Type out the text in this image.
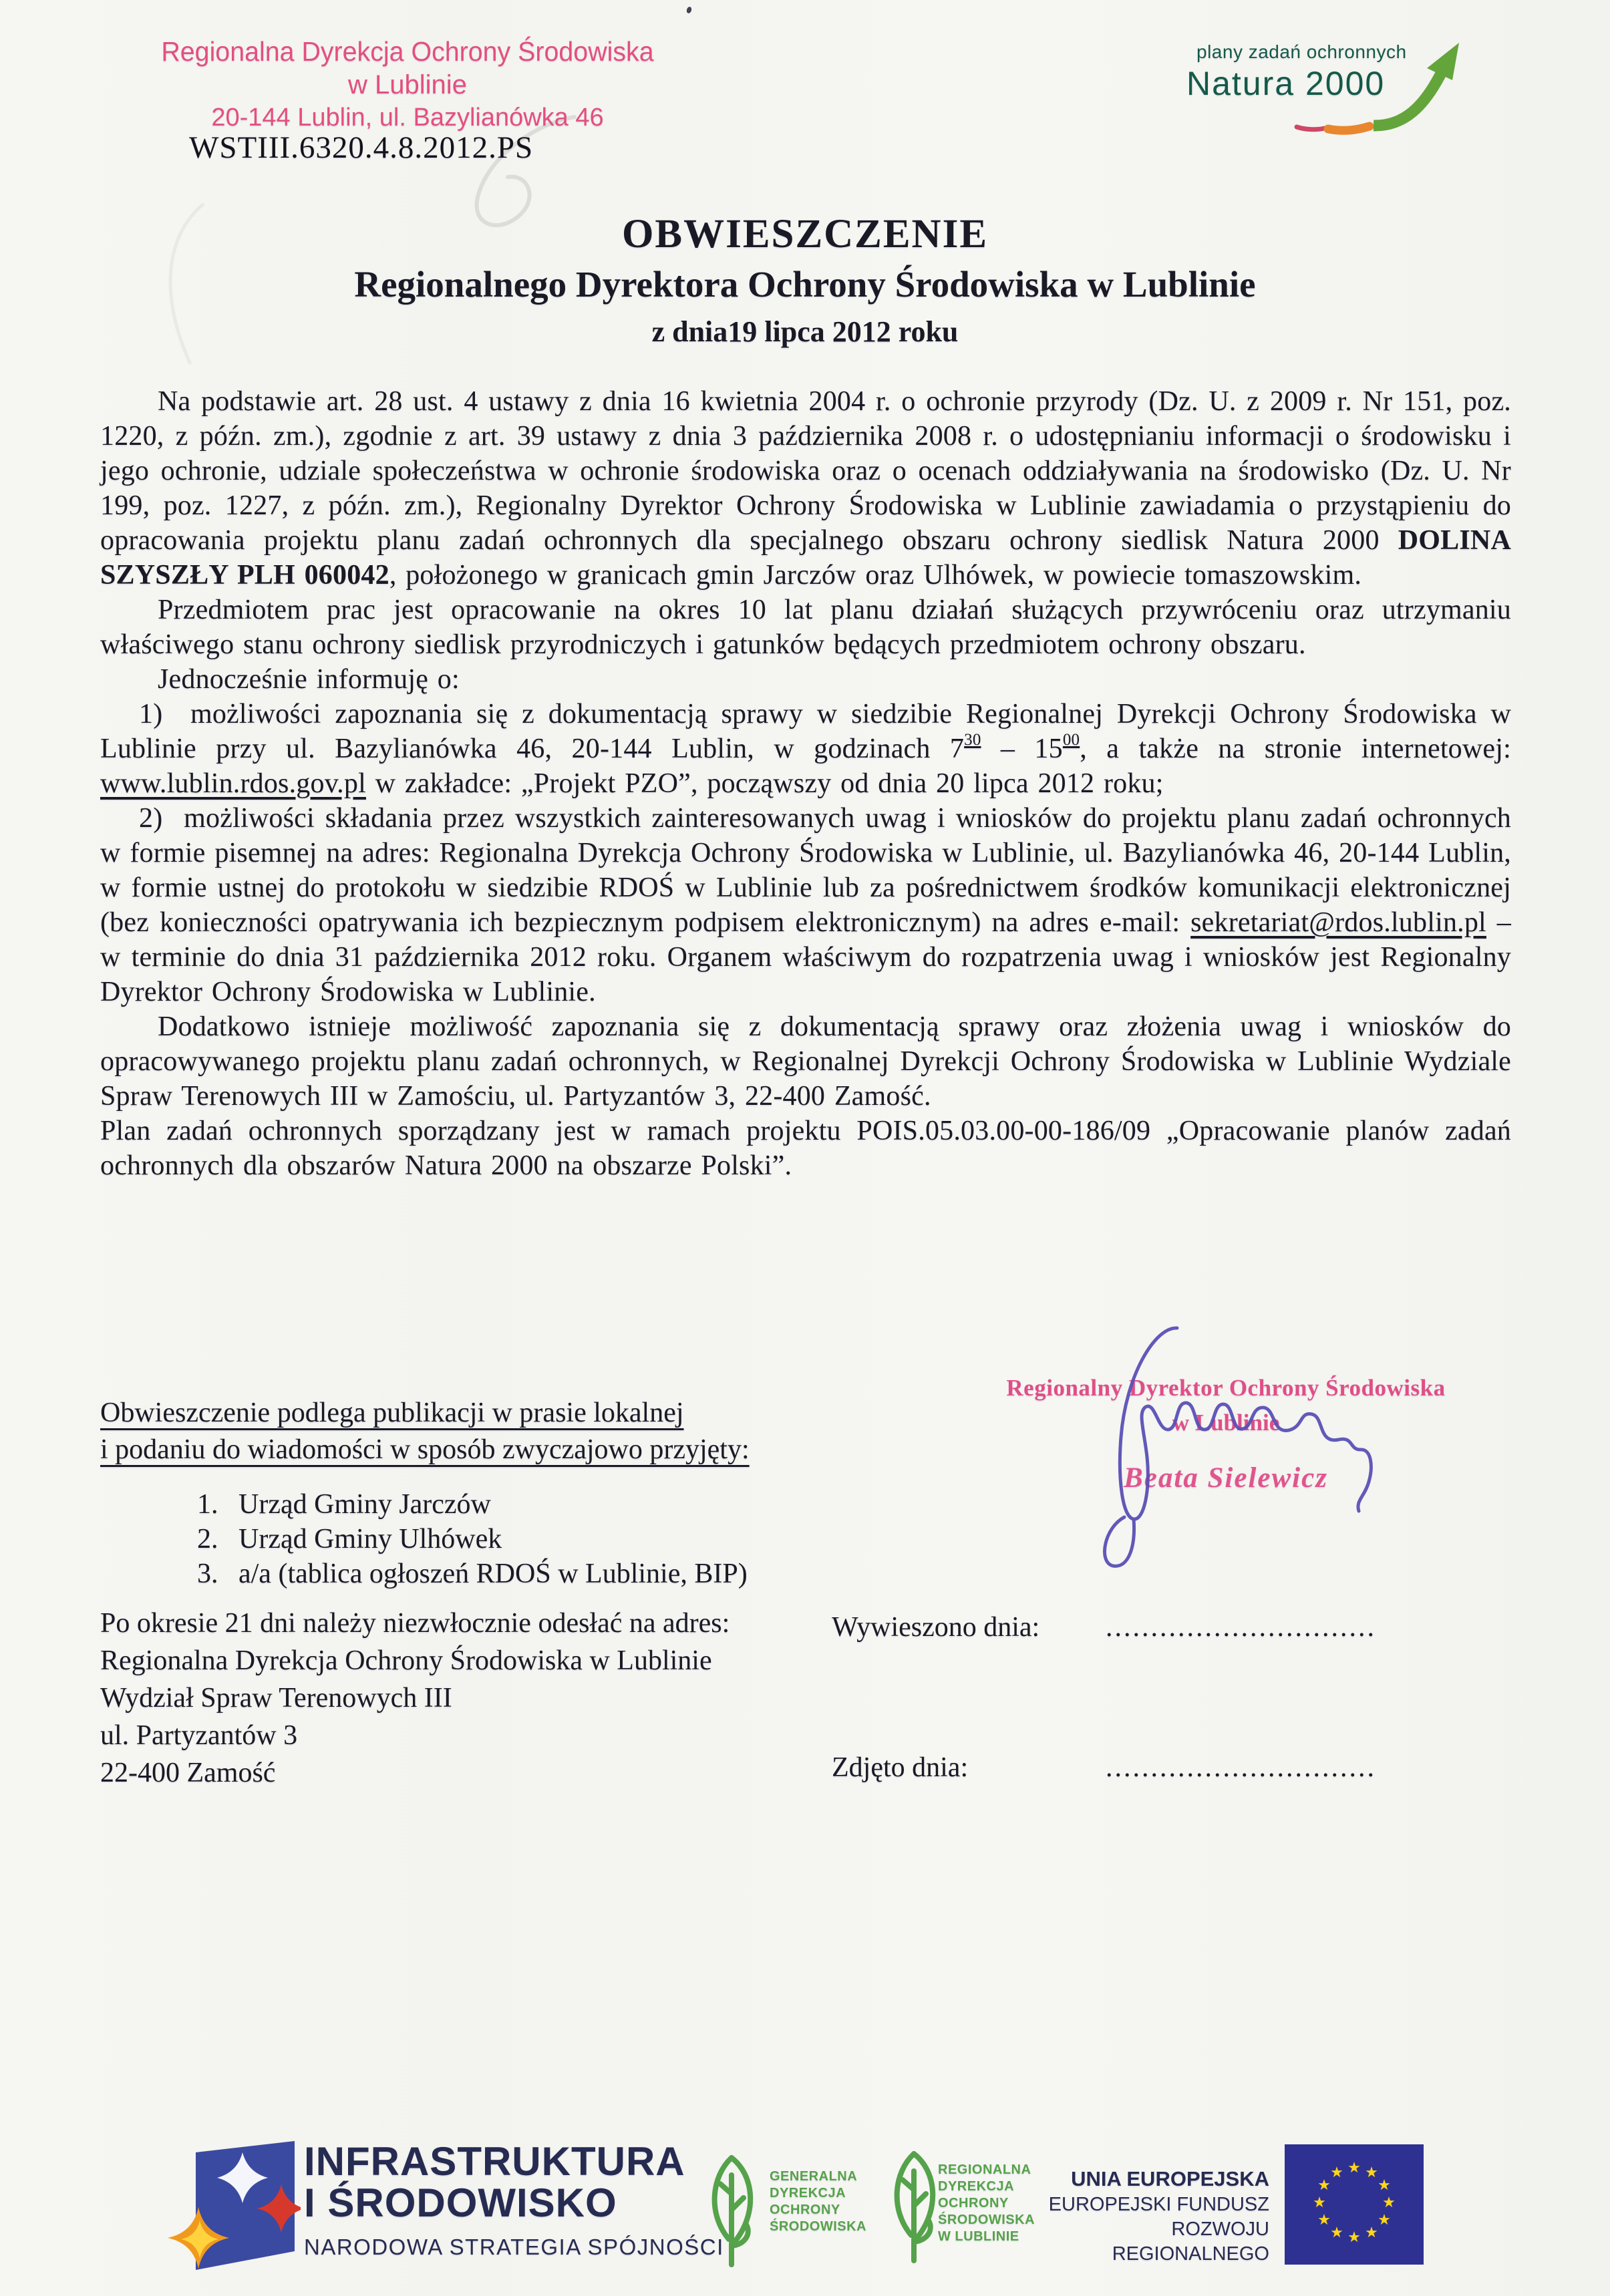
Regionalna Dyrekcja Ochrony Środowiska
w Lublinie
20-144 Lublin, ul. Bazylianówka 46
WSTIII.6320.4.8.2012.PS
plany zadań ochronnych
Natura 2000
OBWIESZCZENIE
Regionalnego Dyrektora Ochrony Środowiska w Lublinie
z dnia19 lipca 2012 roku

Na podstawie art. 28 ust. 4 ustawy z dnia 16 kwietnia 2004 r. o ochronie przyrody (Dz. U. z 2009 r. Nr 151, poz. 1220, z późn. zm.), zgodnie z art. 39 ustawy z dnia 3 października 2008 r. o udostępnianiu informacji o środowisku i jego ochronie, udziale społeczeństwa w ochronie środowiska oraz o ocenach oddziaływania na środowisko (Dz. U. Nr 199, poz. 1227, z późn. zm.), Regionalny Dyrektor Ochrony Środowiska w Lublinie zawiadamia o przystąpieniu do opracowania projektu planu zadań ochronnych dla specjalnego obszaru ochrony siedlisk Natura 2000 DOLINA SZYSZŁY PLH 060042, położonego w granicach gmin Jarczów oraz Ulhówek, w powiecie tomaszowskim.

Przedmiotem prac jest opracowanie na okres 10 lat planu działań służących przywróceniu oraz utrzymaniu właściwego stanu ochrony siedlisk przyrodniczych i gatunków będących przedmiotem ochrony obszaru.

Jednocześnie informuję o:

1)  możliwości zapoznania się z dokumentacją sprawy w siedzibie Regionalnej Dyrekcji Ochrony Środowiska w Lublinie przy ul. Bazylianówka 46, 20-144 Lublin, w godzinach $7^{30} - 15^{00}$, a także na stronie internetowej: www.lublin.rdos.gov.pl w zakładce: „Projekt PZO”, począwszy od dnia 20 lipca 2012 roku;

2)  możliwości składania przez wszystkich zainteresowanych uwag i wniosków do projektu planu zadań ochronnych w formie pisemnej na adres: Regionalna Dyrekcja Ochrony Środowiska w Lublinie, ul. Bazylianówka 46, 20-144 Lublin, w formie ustnej do protokołu w siedzibie RDOŚ w Lublinie lub za pośrednictwem środków komunikacji elektronicznej (bez konieczności opatrywania ich bezpiecznym podpisem elektronicznym) na adres e-mail: sekretariat@rdos.lublin.pl – w terminie do dnia 31 października 2012 roku. Organem właściwym do rozpatrzenia uwag i wniosków jest Regionalny Dyrektor Ochrony Środowiska w Lublinie.

Dodatkowo istnieje możliwość zapoznania się z dokumentacją sprawy oraz złożenia uwag i wniosków do opracowywanego projektu planu zadań ochronnych, w Regionalnej Dyrekcji Ochrony Środowiska w Lublinie Wydziale Spraw Terenowych III w Zamościu, ul. Partyzantów 3, 22-400 Zamość.

Plan zadań ochronnych sporządzany jest w ramach projektu POIS.05.03.00-00-186/09 „Opracowanie planów zadań ochronnych dla obszarów Natura 2000 na obszarze Polski”.

Obwieszczenie podlega publikacji w prasie lokalnej
i podaniu do wiadomości w sposób zwyczajowo przyjęty:
1. Urząd Gminy Jarczów
2. Urząd Gminy Ulhówek
3. a/a (tablica ogłoszeń RDOŚ w Lublinie, BIP)
Regionalny Dyrektor Ochrony Środowiska
w Lublinie
Beata Sielewicz
Po okresie 21 dni należy niezwłocznie odesłać na adres:
Regionalna Dyrekcja Ochrony Środowiska w Lublinie
Wydział Spraw Terenowych III
ul. Partyzantów 3
22-400 Zamość
Wywieszono dnia:	..............................
Zdjęto dnia:	..............................
INFRASTRUKTURA
I ŚRODOWISKO
NARODOWA STRATEGIA SPÓJNOŚCI
GENERALNA
DYREKCJA
OCHRONY
ŚRODOWISKA
REGIONALNA
DYREKCJA
OCHRONY
ŚRODOWISKA
W LUBLINIE
UNIA EUROPEJSKA
EUROPEJSKI FUNDUSZ
ROZWOJU REGIONALNEGO
★ ★
★
★
★
★
★
★
★
★
★
★
